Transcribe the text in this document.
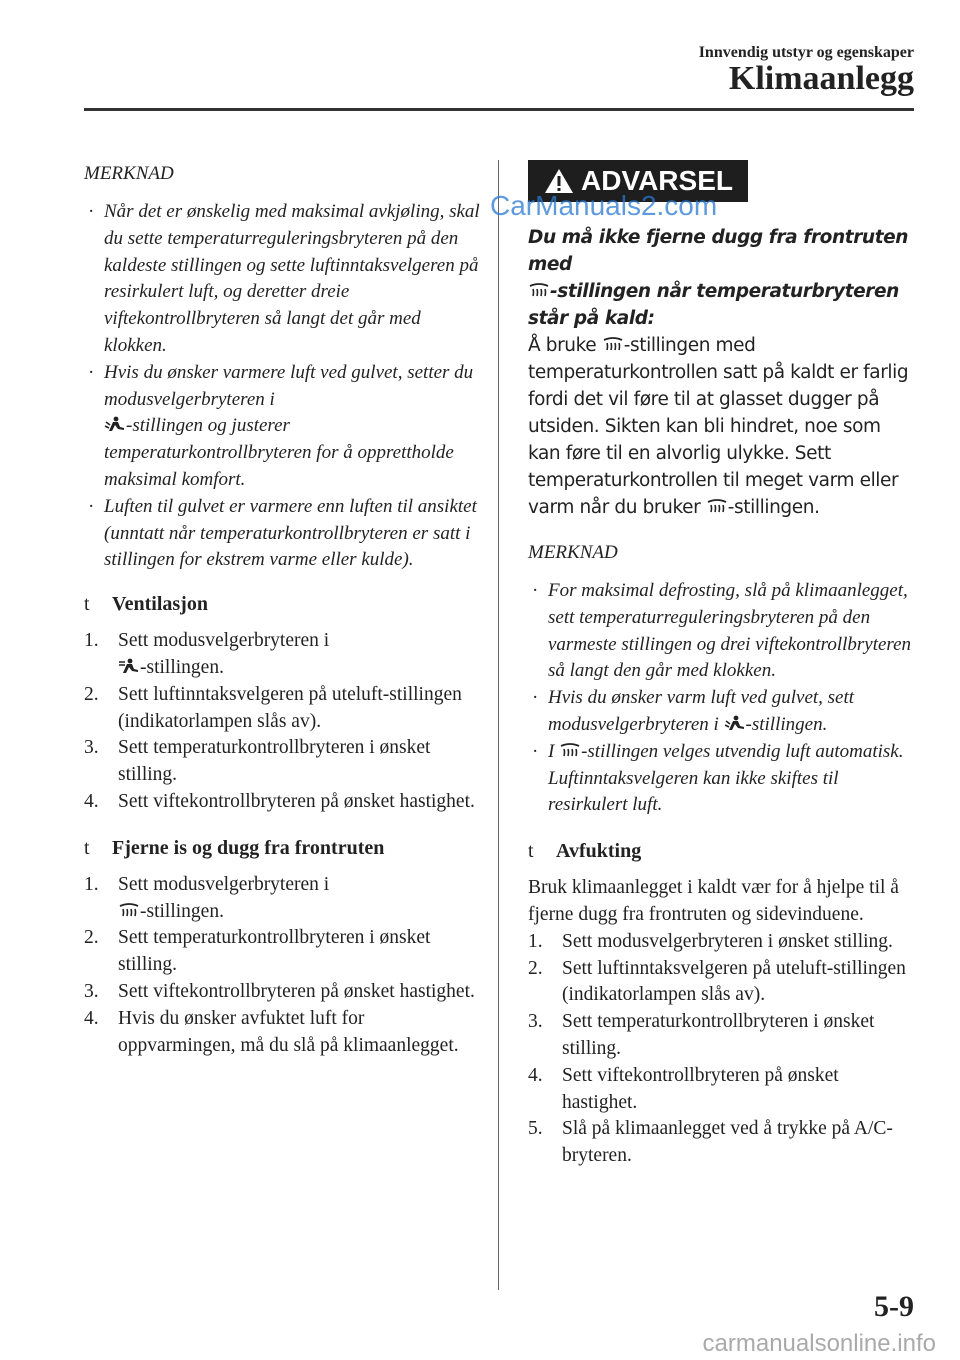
Innvendig utstyr og egenskaper
Klimaanlegg
MERKNAD
· Når det er ønskelig med maksimal avkjøling, skal du sette temperaturreguleringsbryteren på den kaldeste stillingen og sette luftinntaksvelgeren på resirkulert luft, og deretter dreie viftekontrollbryteren så langt det går med klokken.
· Hvis du ønsker varmere luft ved gulvet, setter du modusvelgerbryteren i
-stillingen og justerer temperaturkontrollbryteren for å opprettholde maksimal komfort.
· Luften til gulvet er varmere enn luften til ansiktet (unntatt når temperaturkontrollbryteren er satt i stillingen for ekstrem varme eller kulde).
t Ventilasjon
1. Sett modusvelgerbryteren i
-stillingen.
2. Sett luftinntaksvelgeren på uteluft-stillingen (indikatorlampen slås av).
3. Sett temperaturkontrollbryteren i ønsket stilling.
4. Sett viftekontrollbryteren på ønsket hastighet.
t Fjerne is og dugg fra frontruten
1. Sett modusvelgerbryteren i
-stillingen.
2. Sett temperaturkontrollbryteren i ønsket stilling.
3. Sett viftekontrollbryteren på ønsket hastighet.
4. Hvis du ønsker avfuktet luft for oppvarmingen, må du slå på klimaanlegget.
ADVARSEL

Du må ikke fjerne dugg fra frontruten med
-stillingen når temperaturbryteren står på kald:

Å bruke -stillingen med temperaturkontrollen satt på kaldt er farlig fordi det vil føre til at glasset dugger på utsiden. Sikten kan bli hindret, noe som kan føre til en alvorlig ulykke. Sett temperaturkontrollen til meget varm eller varm når du bruker -stillingen.

MERKNAD
· For maksimal defrosting, slå på klimaanlegget, sett temperaturreguleringsbryteren på den varmeste stillingen og drei viftekontrollbryteren så langt den går med klokken.
· Hvis du ønsker varm luft ved gulvet, sett modusvelgerbryteren i -stillingen.
· I -stillingen velges utvendig luft automatisk. Luftinntaksvelgeren kan ikke skiftes til resirkulert luft.
t Avfukting

Bruk klimaanlegget i kaldt vær for å hjelpe til å fjerne dugg fra frontruten og sidevinduene.

1. Sett modusvelgerbryteren i ønsket stilling.
2. Sett luftinntaksvelgeren på uteluft-stillingen (indikatorlampen slås av).
3. Sett temperaturkontrollbryteren i ønsket stilling.
4. Sett viftekontrollbryteren på ønsket hastighet.
5. Slå på klimaanlegget ved å trykke på A/C-bryteren.
CarManuals2.com
5-9
carmanualsonline.info
